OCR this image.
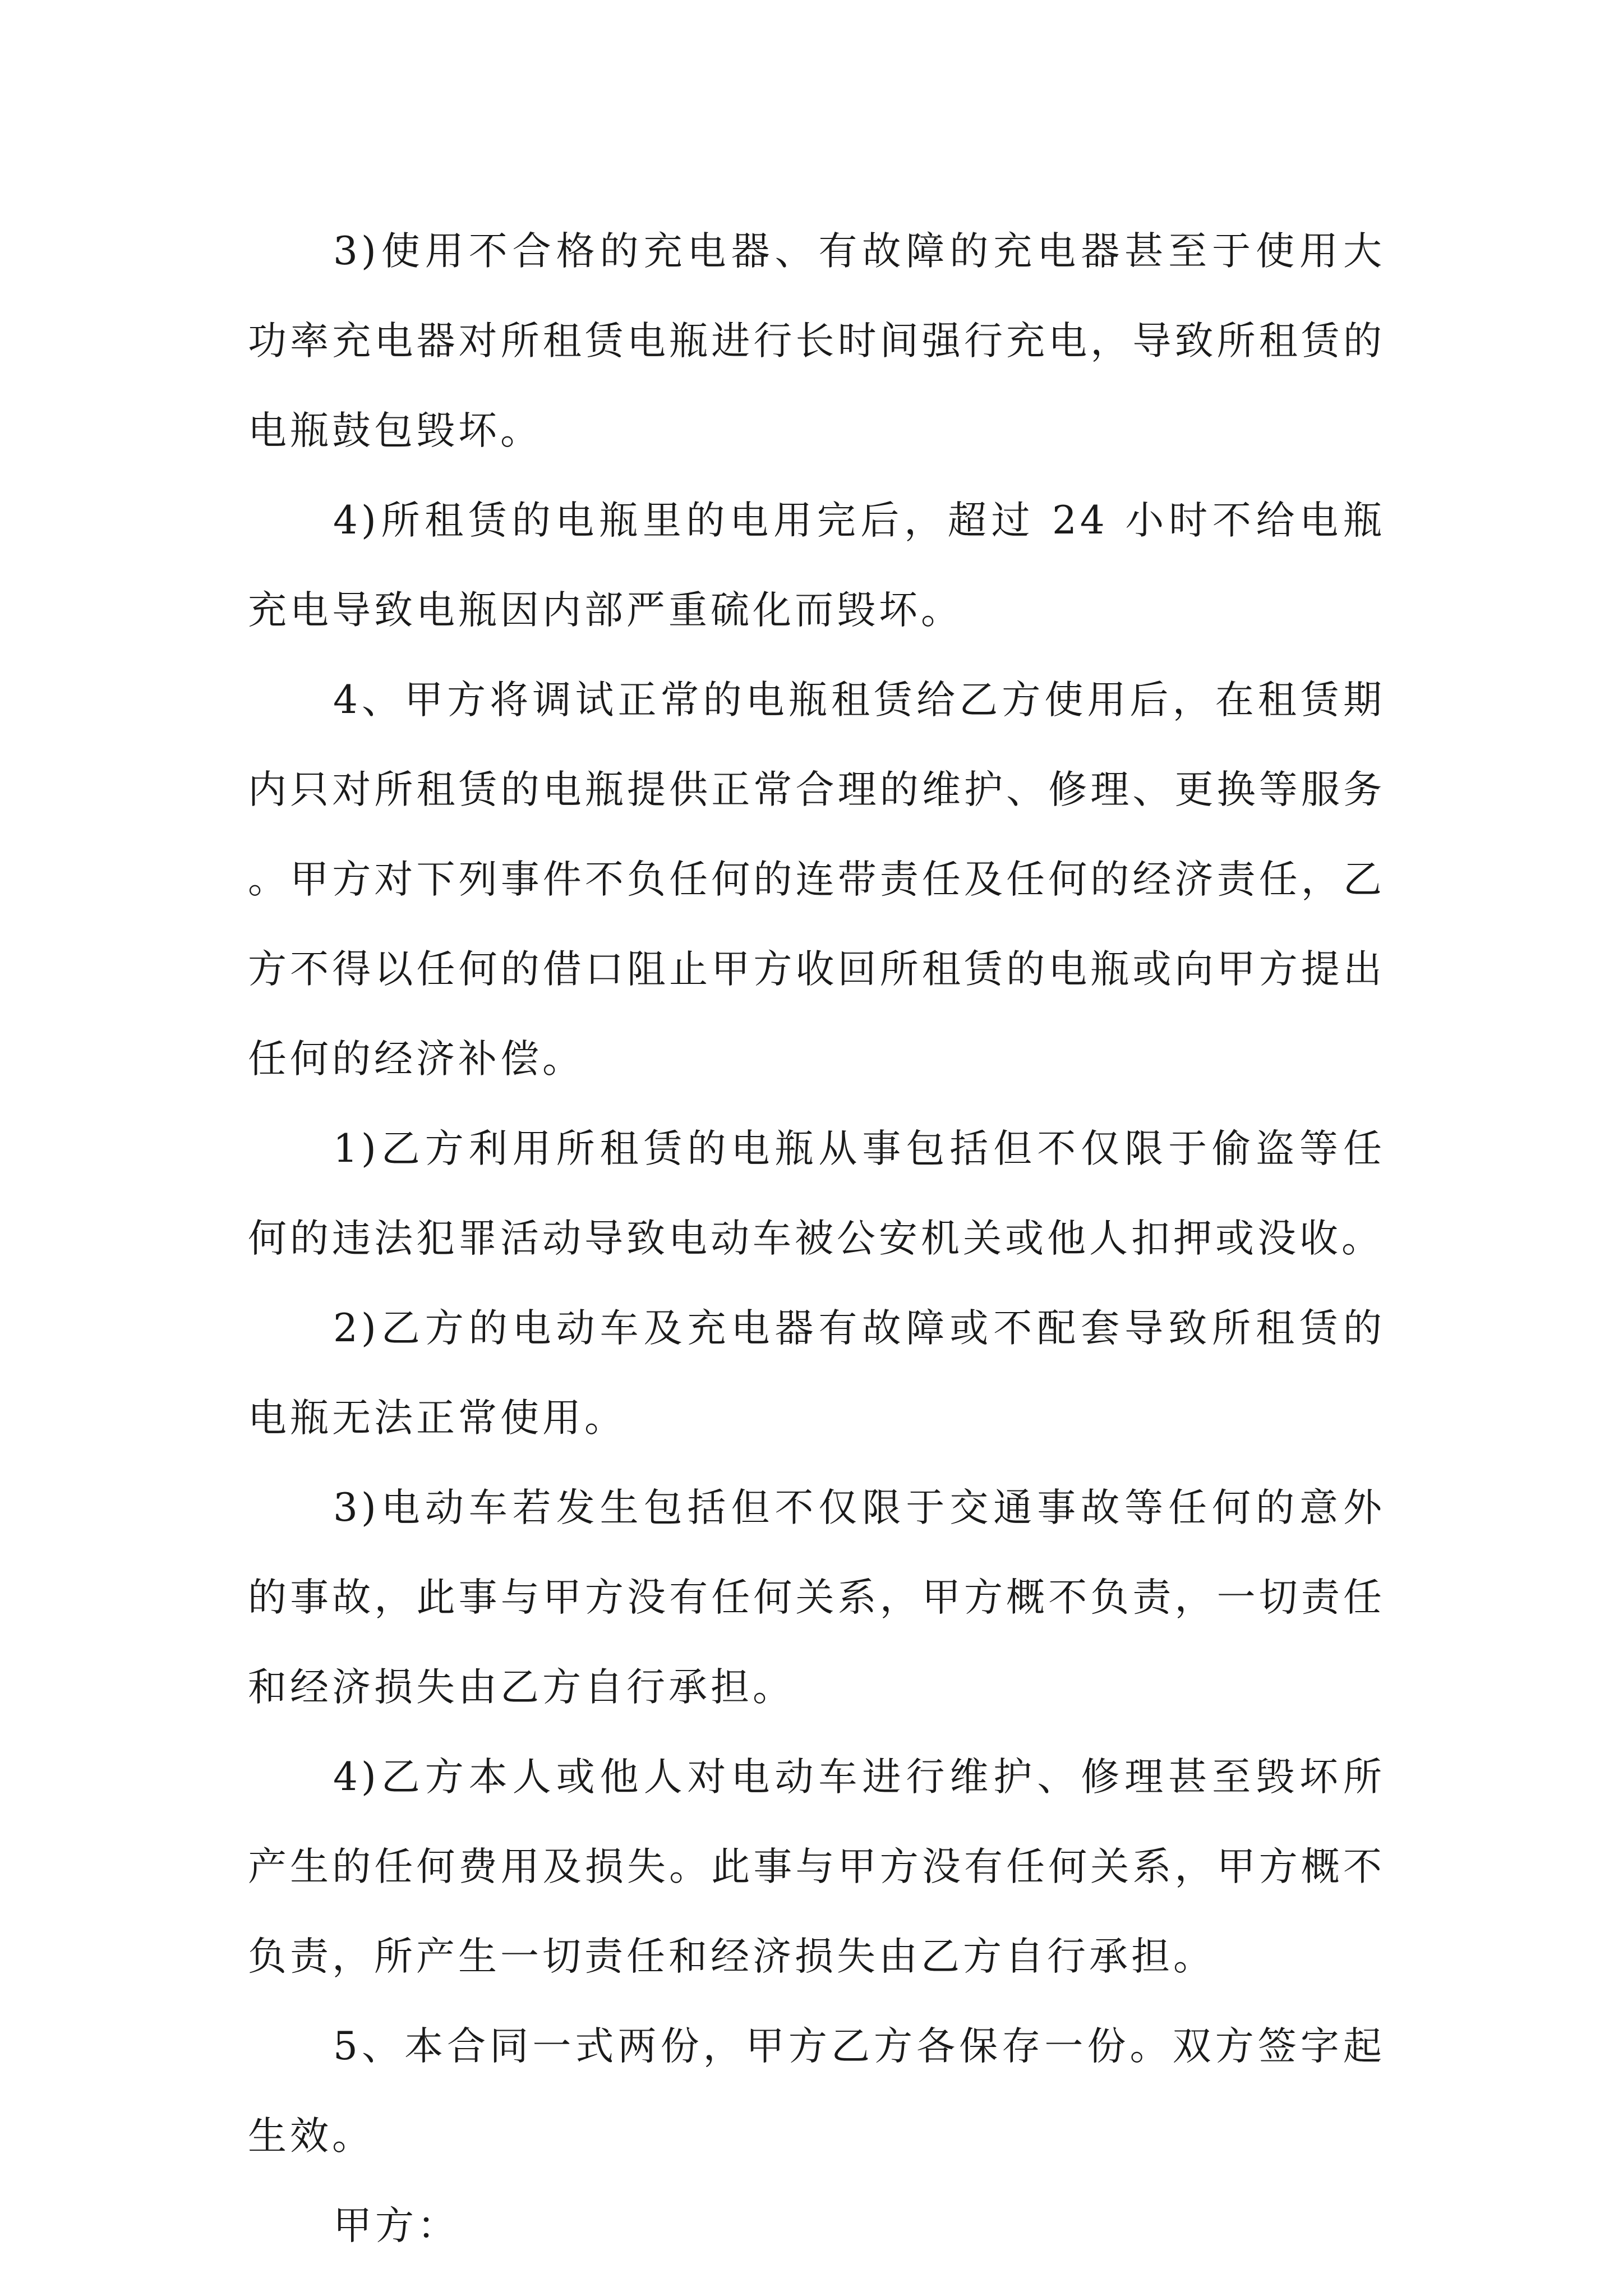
3)使用不合格的充电器、有故障的充电器甚至于使用大功率充电器对所租赁电瓶进行长时间强行充电，导致所租赁的电瓶鼓包毁坏。

4)所租赁的电瓶里的电用完后，超过 24 小时不给电瓶充电导致电瓶因内部严重硫化而毁坏。

4、甲方将调试正常的电瓶租赁给乙方使用后，在租赁期内只对所租赁的电瓶提供正常合理的维护、修理、更换等服务。甲方对下列事件不负任何的连带责任及任何的经济责任，乙方不得以任何的借口阻止甲方收回所租赁的电瓶或向甲方提出任何的经济补偿。

1)乙方利用所租赁的电瓶从事包括但不仅限于偷盗等任何的违法犯罪活动导致电动车被公安机关或他人扣押或没收。

2)乙方的电动车及充电器有故障或不配套导致所租赁的电瓶无法正常使用。

3)电动车若发生包括但不仅限于交通事故等任何的意外的事故，此事与甲方没有任何关系，甲方概不负责，一切责任和经济损失由乙方自行承担。

4)乙方本人或他人对电动车进行维护、修理甚至毁坏所产生的任何费用及损失。此事与甲方没有任何关系，甲方概不负责，所产生一切责任和经济损失由乙方自行承担。

5、本合同一式两份，甲方乙方各保存一份。双方签字起生效。

甲方：
